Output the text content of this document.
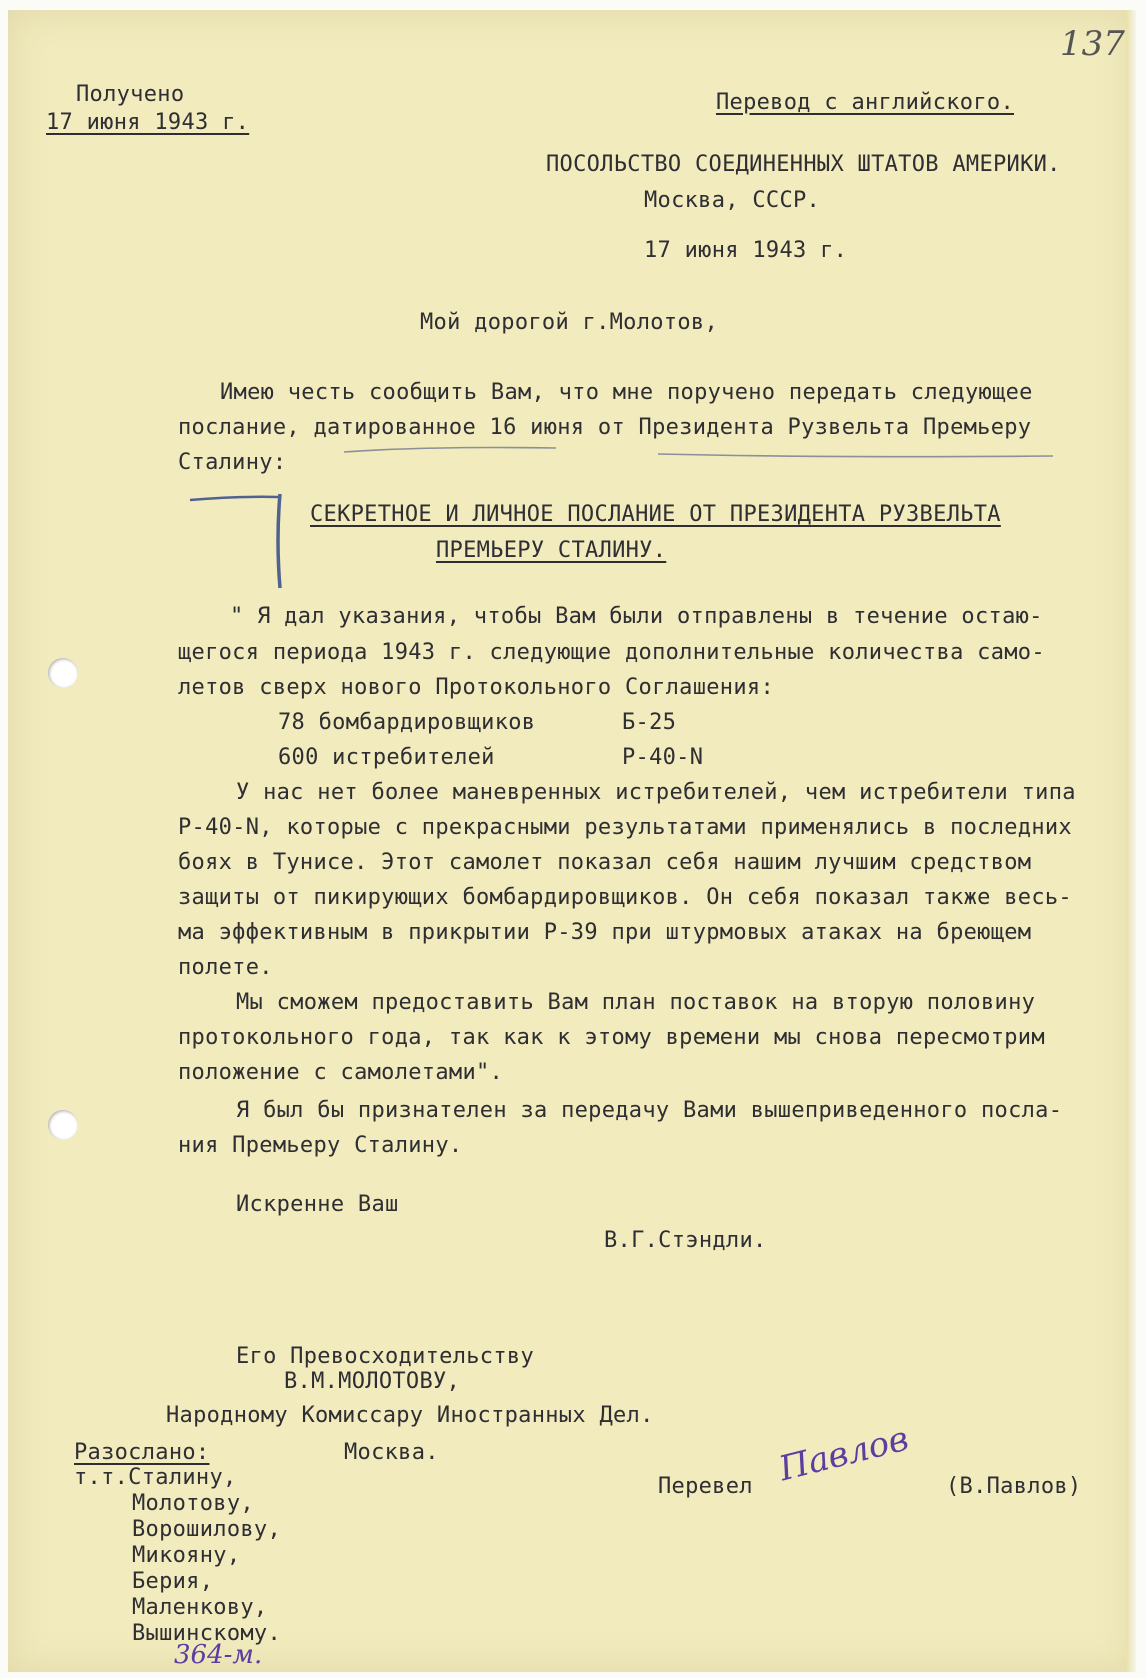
137
Получено
17 июня 1943 г.
Перевод с английского.
ПОСОЛЬСТВО СОЕДИНЕННЫХ ШТАТОВ АМЕРИКИ.
Москва, СССР.
17 июня 1943 г.
Мой дорогой г.Молотов,
Имею честь сообщить Вам, что мне поручено передать следующее
послание, датированное 16 июня от Президента Рузвельта Премьеру
Сталину:
СЕКРЕТНОЕ И ЛИЧНОЕ ПОСЛАНИЕ ОТ ПРЕЗИДЕНТА РУЗВЕЛЬТА
ПРЕМЬЕРУ СТАЛИНУ.
" Я дал указания, чтобы Вам были отправлены в течение остаю-
щегося периода 1943 г. следующие дополнительные количества само-
летов сверх нового Протокольного Соглашения:
78 бомбардировщиков	Б-25
600 истребителей	Р-40-N
У нас нет более маневренных истребителей, чем истребители типа
Р-40-N, которые с прекрасными результатами применялись в последних
боях в Тунисе. Этот самолет показал себя нашим лучшим средством
защиты от пикирующих бомбардировщиков. Он себя показал также весь-
ма эффективным в прикрытии Р-39 при штурмовых атаках на бреющем
полете.
Мы сможем предоставить Вам план поставок на вторую половину
протокольного года, так как к этому времени мы снова пересмотрим
положение с самолетами".
Я был бы признателен за передачу Вами вышеприведенного посла-
ния Премьеру Сталину.
Искренне Ваш
В.Г.Стэндли.
Его Превосходительству
В.М.МОЛОТОВУ,
Народному Комиссару Иностранных Дел.
Москва.
Разослано:
т.т.Сталину,
Молотову,
Ворошилову,
Микояну,
Берия,
Маленкову,
Вышинскому.
Перевел Павлов (В.Павлов)
364-м.
